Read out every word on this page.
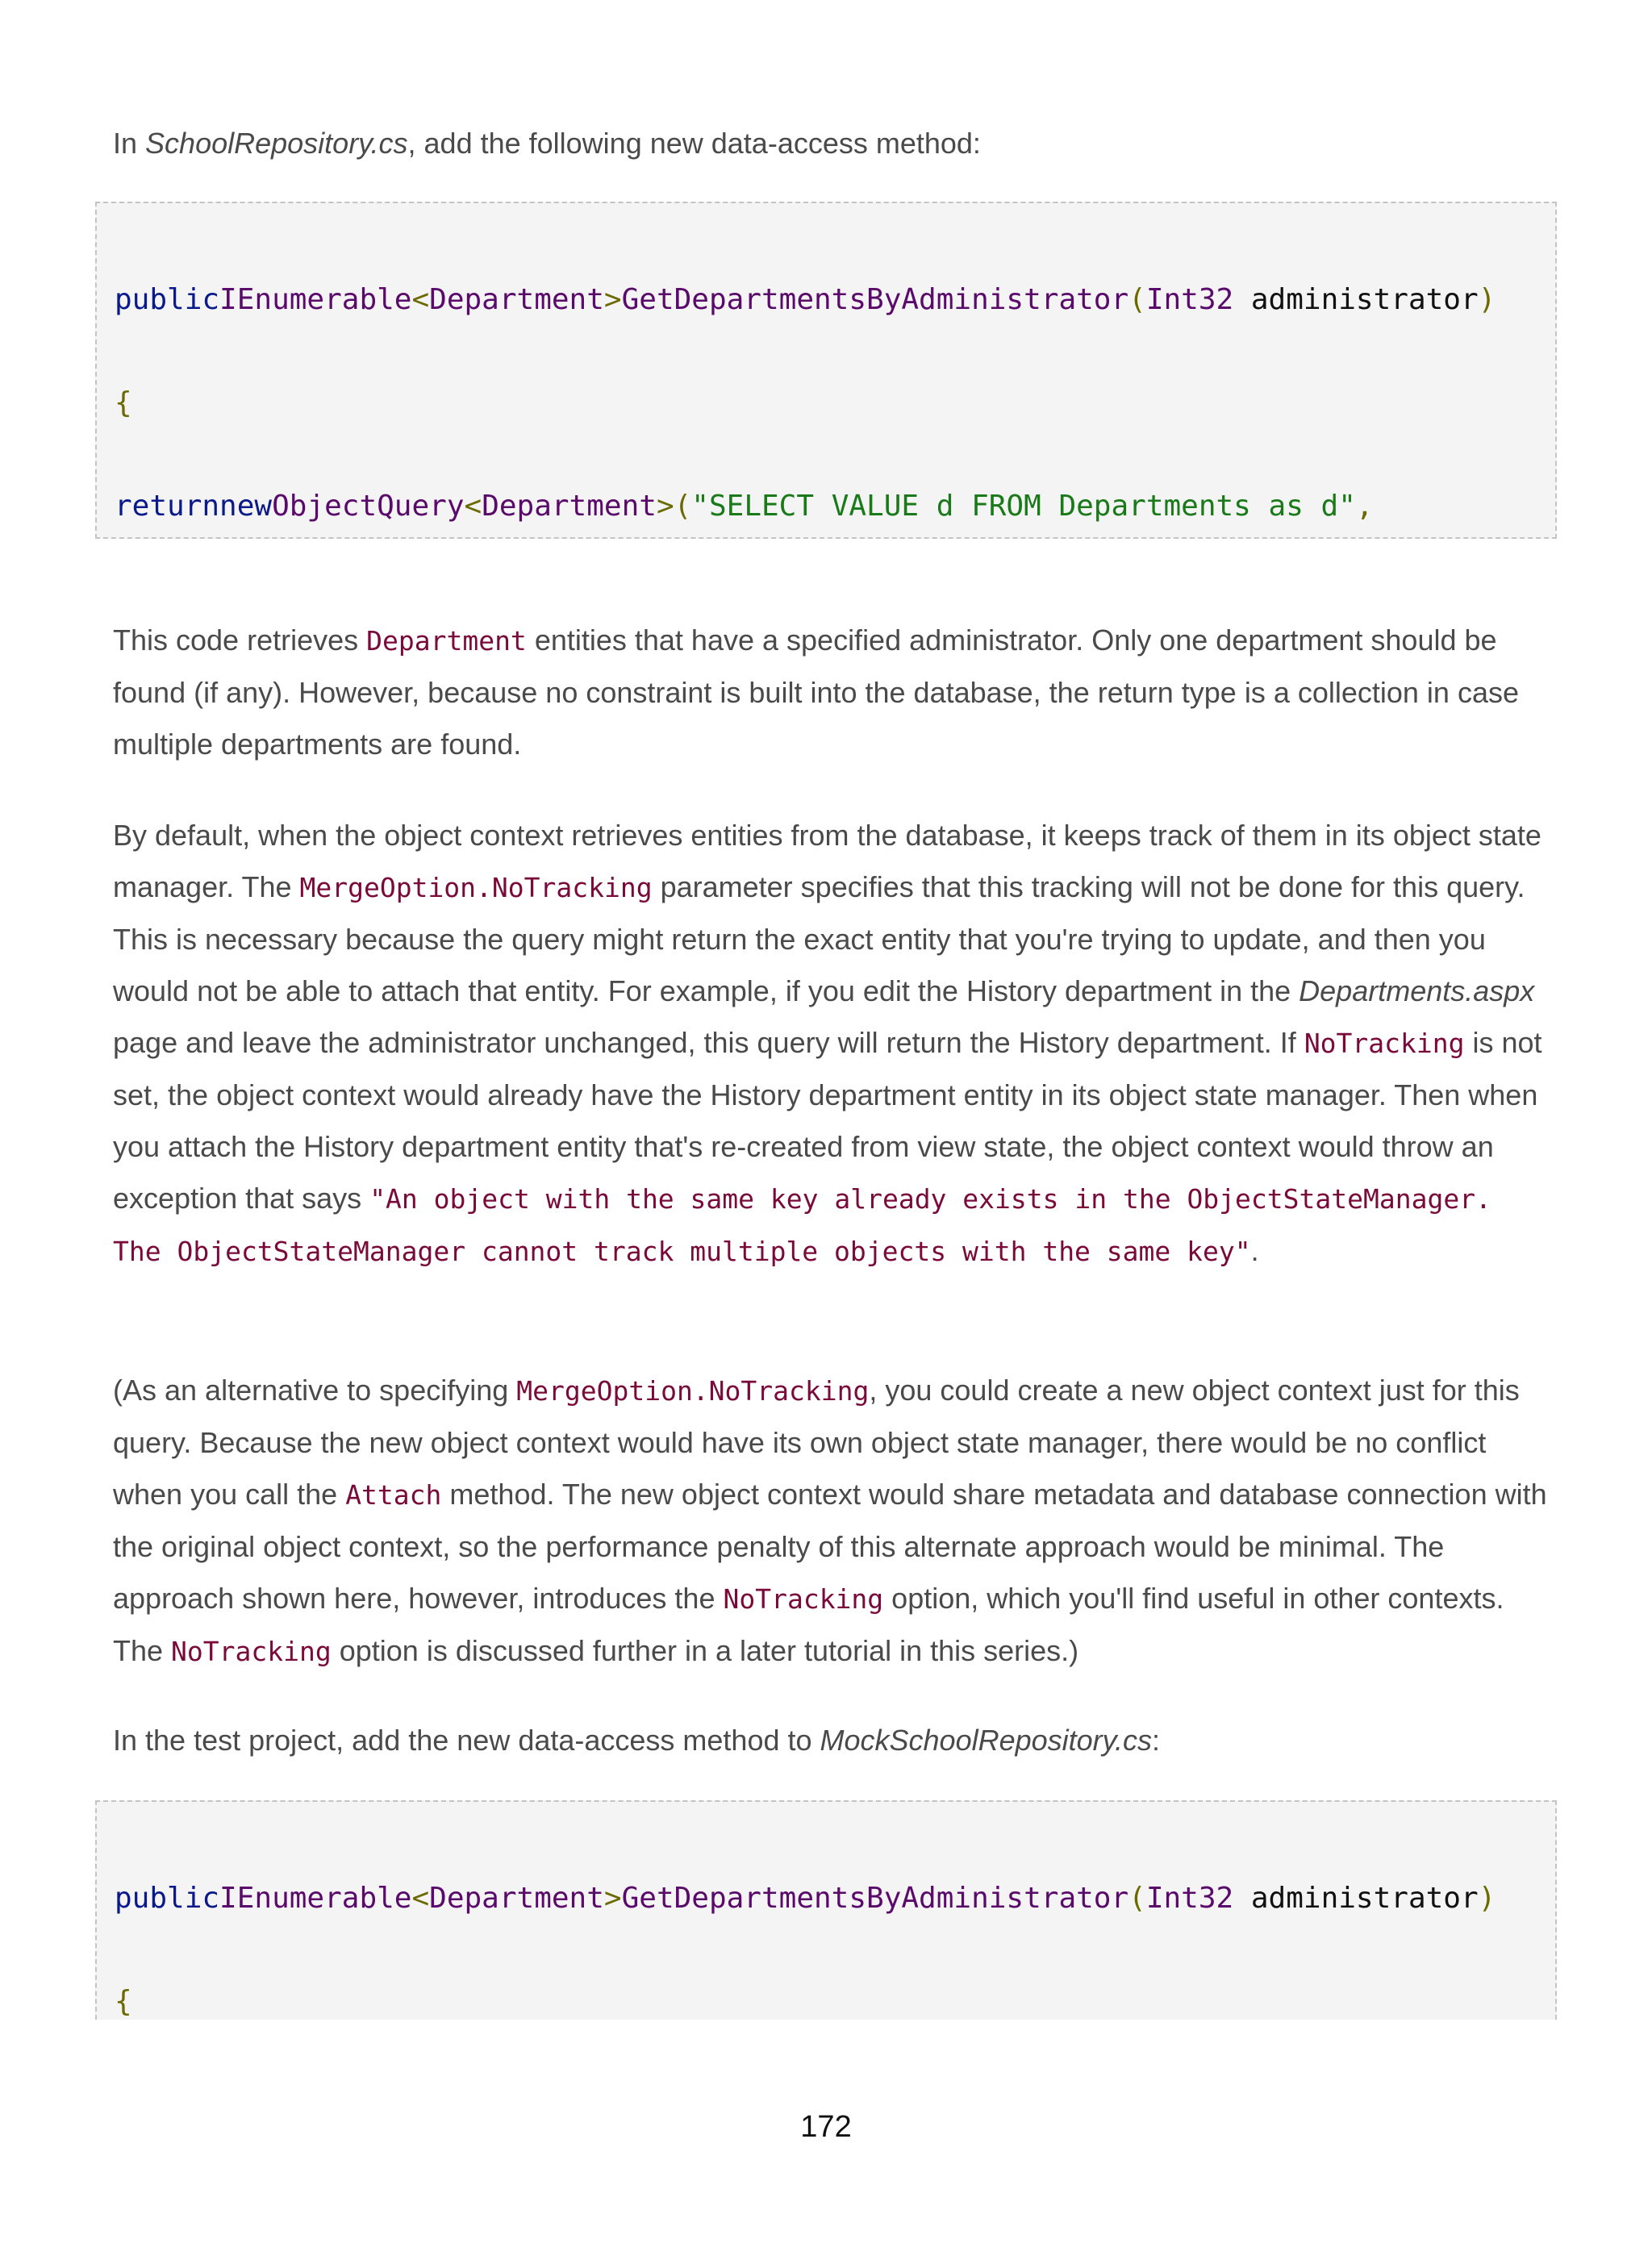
In SchoolRepository.cs, add the following new data-access method:

publicIEnumerable<Department>GetDepartmentsByAdministrator(Int32 administrator)

{

returnnewObjectQuery<Department>("SELECT VALUE d FROM Departments as d",

This code retrieves Department entities that have a specified administrator. Only one department should be found (if any). However, because no constraint is built into the database, the return type is a collection in case multiple departments are found.
By default, when the object context retrieves entities from the database, it keeps track of them in its object state manager. The MergeOption.NoTracking parameter specifies that this tracking will not be done for this query. This is necessary because the query might return the exact entity that you're trying to update, and then you would not be able to attach that entity. For example, if you edit the History department in the Departments.aspx page and leave the administrator unchanged, this query will return the History department. If NoTracking is not set, the object context would already have the History department entity in its object state manager. Then when you attach the History department entity that's re-created from view state, the object context would throw an exception that says "An object with the same key already exists in the ObjectStateManager. The ObjectStateManager cannot track multiple objects with the same key".
(As an alternative to specifying MergeOption.NoTracking, you could create a new object context just for this query. Because the new object context would have its own object state manager, there would be no conflict when you call the Attach method. The new object context would share metadata and database connection with the original object context, so the performance penalty of this alternate approach would be minimal. The approach shown here, however, introduces the NoTracking option, which you'll find useful in other contexts. The NoTracking option is discussed further in a later tutorial in this series.)
In the test project, add the new data-access method to MockSchoolRepository.cs:

publicIEnumerable<Department>GetDepartmentsByAdministrator(Int32 administrator)

{

172
